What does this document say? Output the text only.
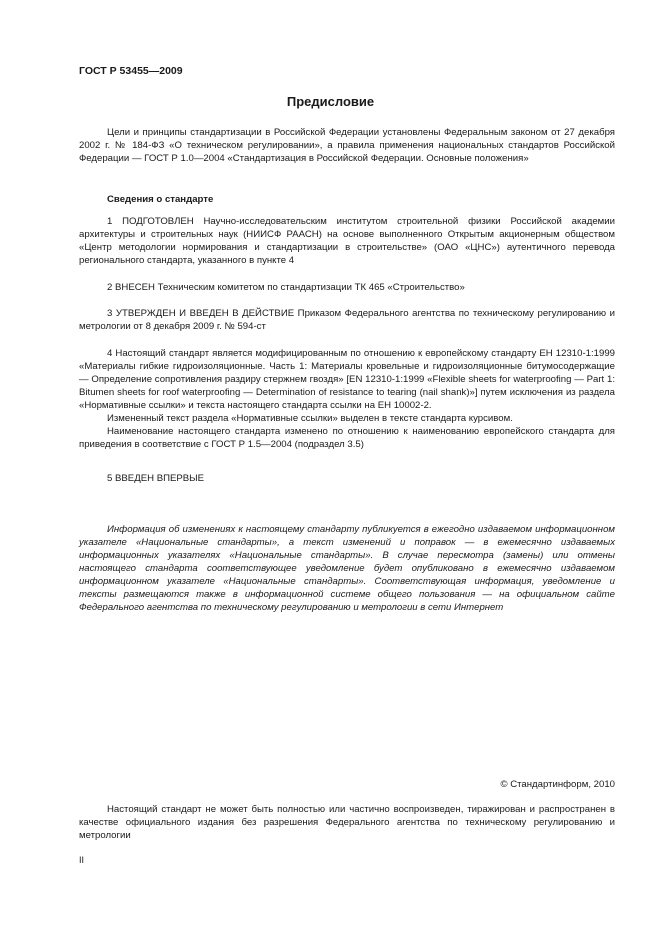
ГОСТ Р 53455—2009
Предисловие

Цели и принципы стандартизации в Российской Федерации установлены Федеральным законом от 27 декабря 2002 г. № 184-ФЗ «О техническом регулировании», а правила применения национальных стандартов Российской Федерации — ГОСТ Р 1.0—2004 «Стандартизация в Российской Федерации. Основные положения»

Сведения о стандарте

1 ПОДГОТОВЛЕН Научно-исследовательским институтом строительной физики Российской академии архитектуры и строительных наук (НИИСФ РААСН) на основе выполненного Открытым акционерным обществом «Центр методологии нормирования и стандартизации в строительстве» (ОАО «ЦНС») аутентичного перевода регионального стандарта, указанного в пункте 4

2 ВНЕСЕН Техническим комитетом по стандартизации ТК 465 «Строительство»

3 УТВЕРЖДЕН И ВВЕДЕН В ДЕЙСТВИЕ Приказом Федерального агентства по техническому регулированию и метрологии от 8 декабря 2009 г. № 594-ст

4 Настоящий стандарт является модифицированным по отношению к европейскому стандарту ЕН 12310-1:1999 «Материалы гибкие гидроизоляционные. Часть 1: Материалы кровельные и гидроизоляционные битумосодержащие — Определение сопротивления раздиру стержнем гвоздя» [EN 12310-1:1999 «Flexible sheets for waterproofing — Part 1: Bitumen sheets for roof waterproofing — Determination of resistance to tearing (nail shank)»] путем исключения из раздела «Нормативные ссылки» и текста настоящего стандарта ссылки на ЕН 10002-2.

Измененный текст раздела «Нормативные ссылки» выделен в тексте стандарта курсивом.

Наименование настоящего стандарта изменено по отношению к наименованию европейского стандарта для приведения в соответствие с ГОСТ Р 1.5—2004 (подраздел 3.5)

5 ВВЕДЕН ВПЕРВЫЕ

Информация об изменениях к настоящему стандарту публикуется в ежегодно издаваемом информационном указателе «Национальные стандарты», а текст изменений и поправок — в ежемесячно издаваемых информационных указателях «Национальные стандарты». В случае пересмотра (замены) или отмены настоящего стандарта соответствующее уведомление будет опубликовано в ежемесячно издаваемом информационном указателе «Национальные стандарты». Соответствующая информация, уведомление и тексты размещаются также в информационной системе общего пользования — на официальном сайте Федерального агентства по техническому регулированию и метрологии в сети Интернет

© Стандартинформ, 2010

Настоящий стандарт не может быть полностью или частично воспроизведен, тиражирован и распространен в качестве официального издания без разрешения Федерального агентства по техническому регулированию и метрологии

II
